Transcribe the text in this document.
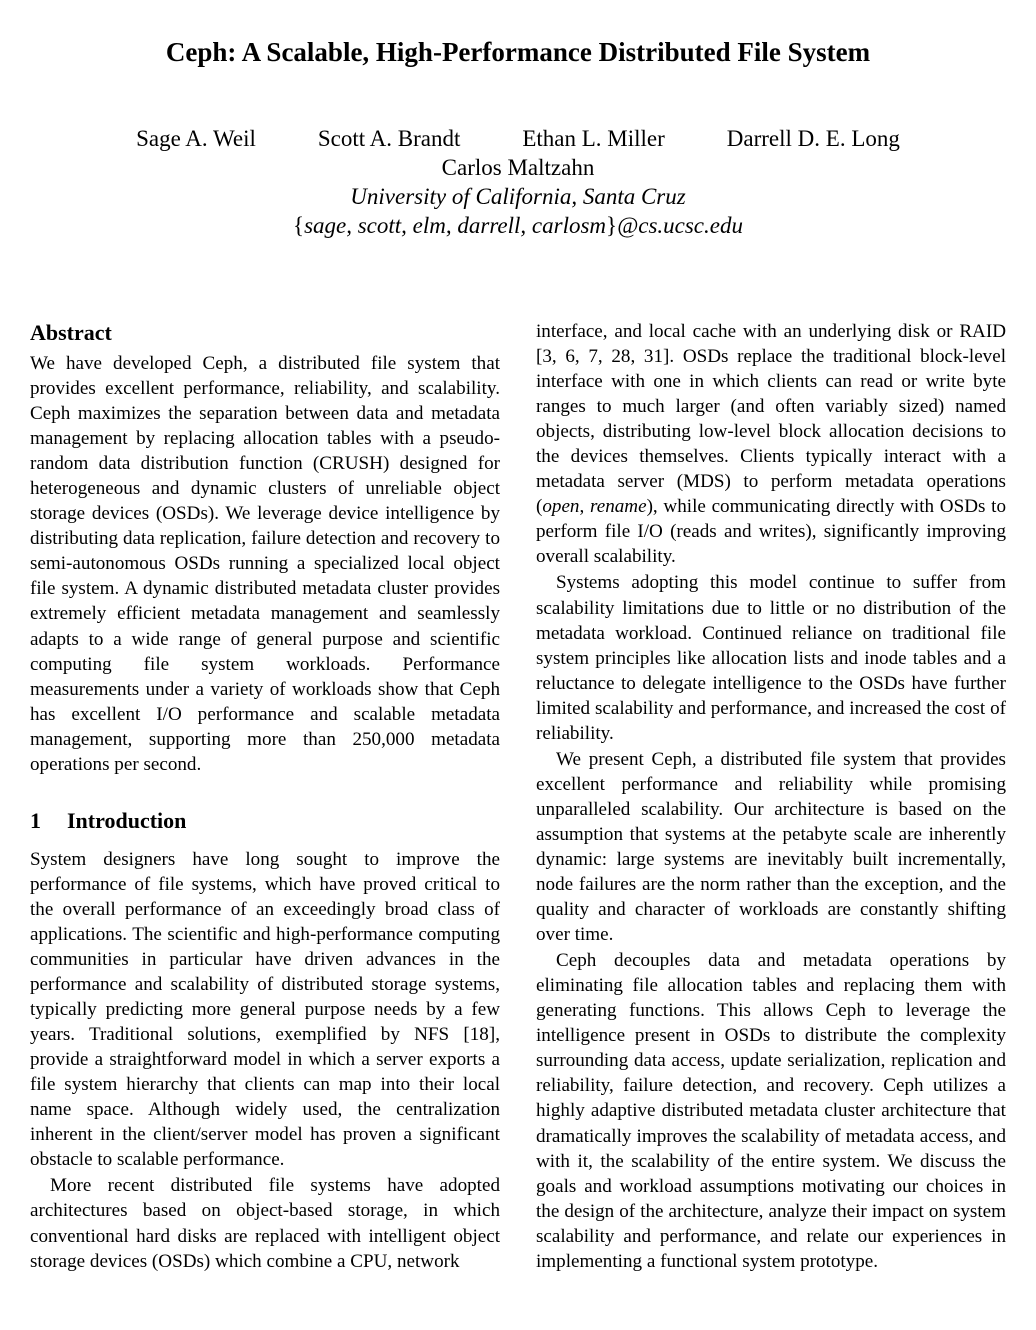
Ceph: A Scalable, High-Performance Distributed File System
Sage A. Weil	Scott A. Brandt	Ethan L. Miller	Darrell D. E. Long
Carlos Maltzahn
University of California, Santa Cruz
{sage, scott, elm, darrell, carlosm}@cs.ucsc.edu
Abstract

We have developed Ceph, a distributed file system that provides excellent performance, reliability, and scalability. Ceph maximizes the separation between data and metadata management by replacing allocation tables with a pseudo-random data distribution function (CRUSH) designed for heterogeneous and dynamic clusters of unreliable object storage devices (OSDs). We leverage device intelligence by distributing data replication, failure detection and recovery to semi-autonomous OSDs running a specialized local object file system. A dynamic distributed metadata cluster provides extremely efficient metadata management and seamlessly adapts to a wide range of general purpose and scientific computing file system workloads. Performance measurements under a variety of workloads show that Ceph has excellent I/O performance and scalable metadata management, supporting more than 250,000 metadata operations per second.

1 Introduction

System designers have long sought to improve the performance of file systems, which have proved critical to the overall performance of an exceedingly broad class of applications. The scientific and high-performance computing communities in particular have driven advances in the performance and scalability of distributed storage systems, typically predicting more general purpose needs by a few years. Traditional solutions, exemplified by NFS [18], provide a straightforward model in which a server exports a file system hierarchy that clients can map into their local name space. Although widely used, the centralization inherent in the client/server model has proven a significant obstacle to scalable performance.

More recent distributed file systems have adopted architectures based on object-based storage, in which conventional hard disks are replaced with intelligent object storage devices (OSDs) which combine a CPU, network

interface, and local cache with an underlying disk or RAID [3, 6, 7, 28, 31]. OSDs replace the traditional block-level interface with one in which clients can read or write byte ranges to much larger (and often variably sized) named objects, distributing low-level block allocation decisions to the devices themselves. Clients typically interact with a metadata server (MDS) to perform metadata operations (open, rename), while communicating directly with OSDs to perform file I/O (reads and writes), significantly improving overall scalability.

Systems adopting this model continue to suffer from scalability limitations due to little or no distribution of the metadata workload. Continued reliance on traditional file system principles like allocation lists and inode tables and a reluctance to delegate intelligence to the OSDs have further limited scalability and performance, and increased the cost of reliability.

We present Ceph, a distributed file system that provides excellent performance and reliability while promising unparalleled scalability. Our architecture is based on the assumption that systems at the petabyte scale are inherently dynamic: large systems are inevitably built incrementally, node failures are the norm rather than the exception, and the quality and character of workloads are constantly shifting over time.

Ceph decouples data and metadata operations by eliminating file allocation tables and replacing them with generating functions. This allows Ceph to leverage the intelligence present in OSDs to distribute the complexity surrounding data access, update serialization, replication and reliability, failure detection, and recovery. Ceph utilizes a highly adaptive distributed metadata cluster architecture that dramatically improves the scalability of metadata access, and with it, the scalability of the entire system. We discuss the goals and workload assumptions motivating our choices in the design of the architecture, analyze their impact on system scalability and performance, and relate our experiences in implementing a functional system prototype.
